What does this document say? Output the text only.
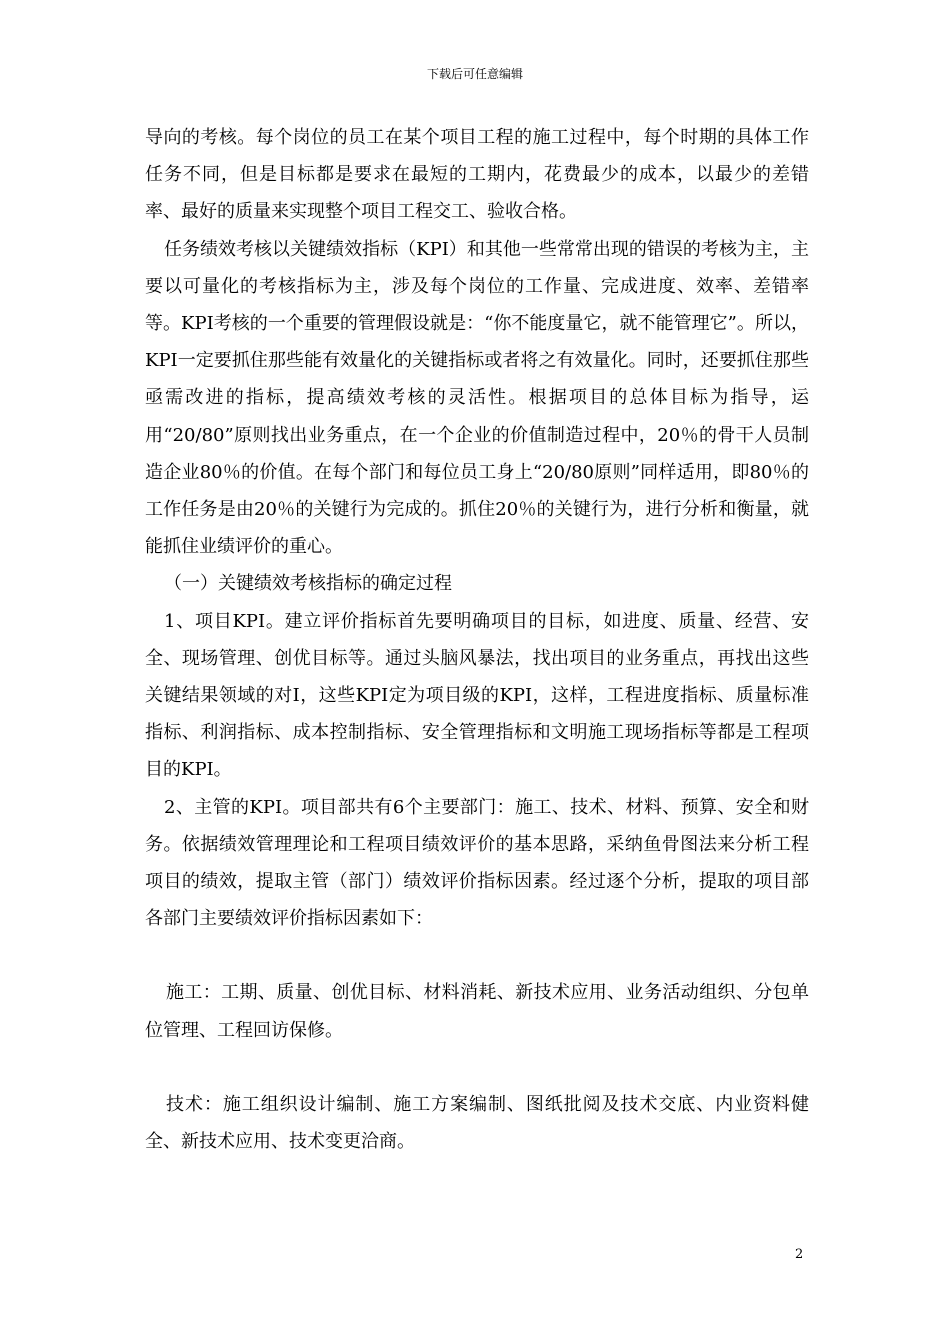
下载后可任意编辑

导向的考核。每个岗位的员工在某个项目工程的施工过程中，每个时期的具体工作任务不同，但是目标都是要求在最短的工期内，花费最少的成本，以最少的差错率、最好的质量来实现整个项目工程交工、验收合格。

任务绩效考核以关键绩效指标（KPI）和其他一些常常出现的错误的考核为主，主要以可量化的考核指标为主，涉及每个岗位的工作量、完成进度、效率、差错率等。KPI考核的一个重要的管理假设就是：“你不能度量它，就不能管理它”。所以，KPI一定要抓住那些能有效量化的关键指标或者将之有效量化。同时，还要抓住那些亟需改进的指标，提高绩效考核的灵活性。根据项目的总体目标为指导，运用“20/80”原则找出业务重点，在一个企业的价值制造过程中，20％的骨干人员制造企业80％的价值。在每个部门和每位员工身上“20/80原则”同样适用，即80％的工作任务是由20％的关键行为完成的。抓住20％的关键行为，进行分析和衡量，就能抓住业绩评价的重心。

（一）关键绩效考核指标的确定过程

1、项目KPI。建立评价指标首先要明确项目的目标，如进度、质量、经营、安全、现场管理、创优目标等。通过头脑风暴法，找出项目的业务重点，再找出这些关键结果领域的对I，这些KPI定为项目级的KPI，这样，工程进度指标、质量标准指标、利润指标、成本控制指标、安全管理指标和文明施工现场指标等都是工程项目的KPI。

2、主管的KPI。项目部共有6个主要部门：施工、技术、材料、预算、安全和财务。依据绩效管理理论和工程项目绩效评价的基本思路，采纳鱼骨图法来分析工程项目的绩效，提取主管（部门）绩效评价指标因素。经过逐个分析，提取的项目部各部门主要绩效评价指标因素如下：

施工：工期、质量、创优目标、材料消耗、新技术应用、业务活动组织、分包单位管理、工程回访保修。

技术：施工组织设计编制、施工方案编制、图纸批阅及技术交底、内业资料健全、新技术应用、技术变更洽商。

2
